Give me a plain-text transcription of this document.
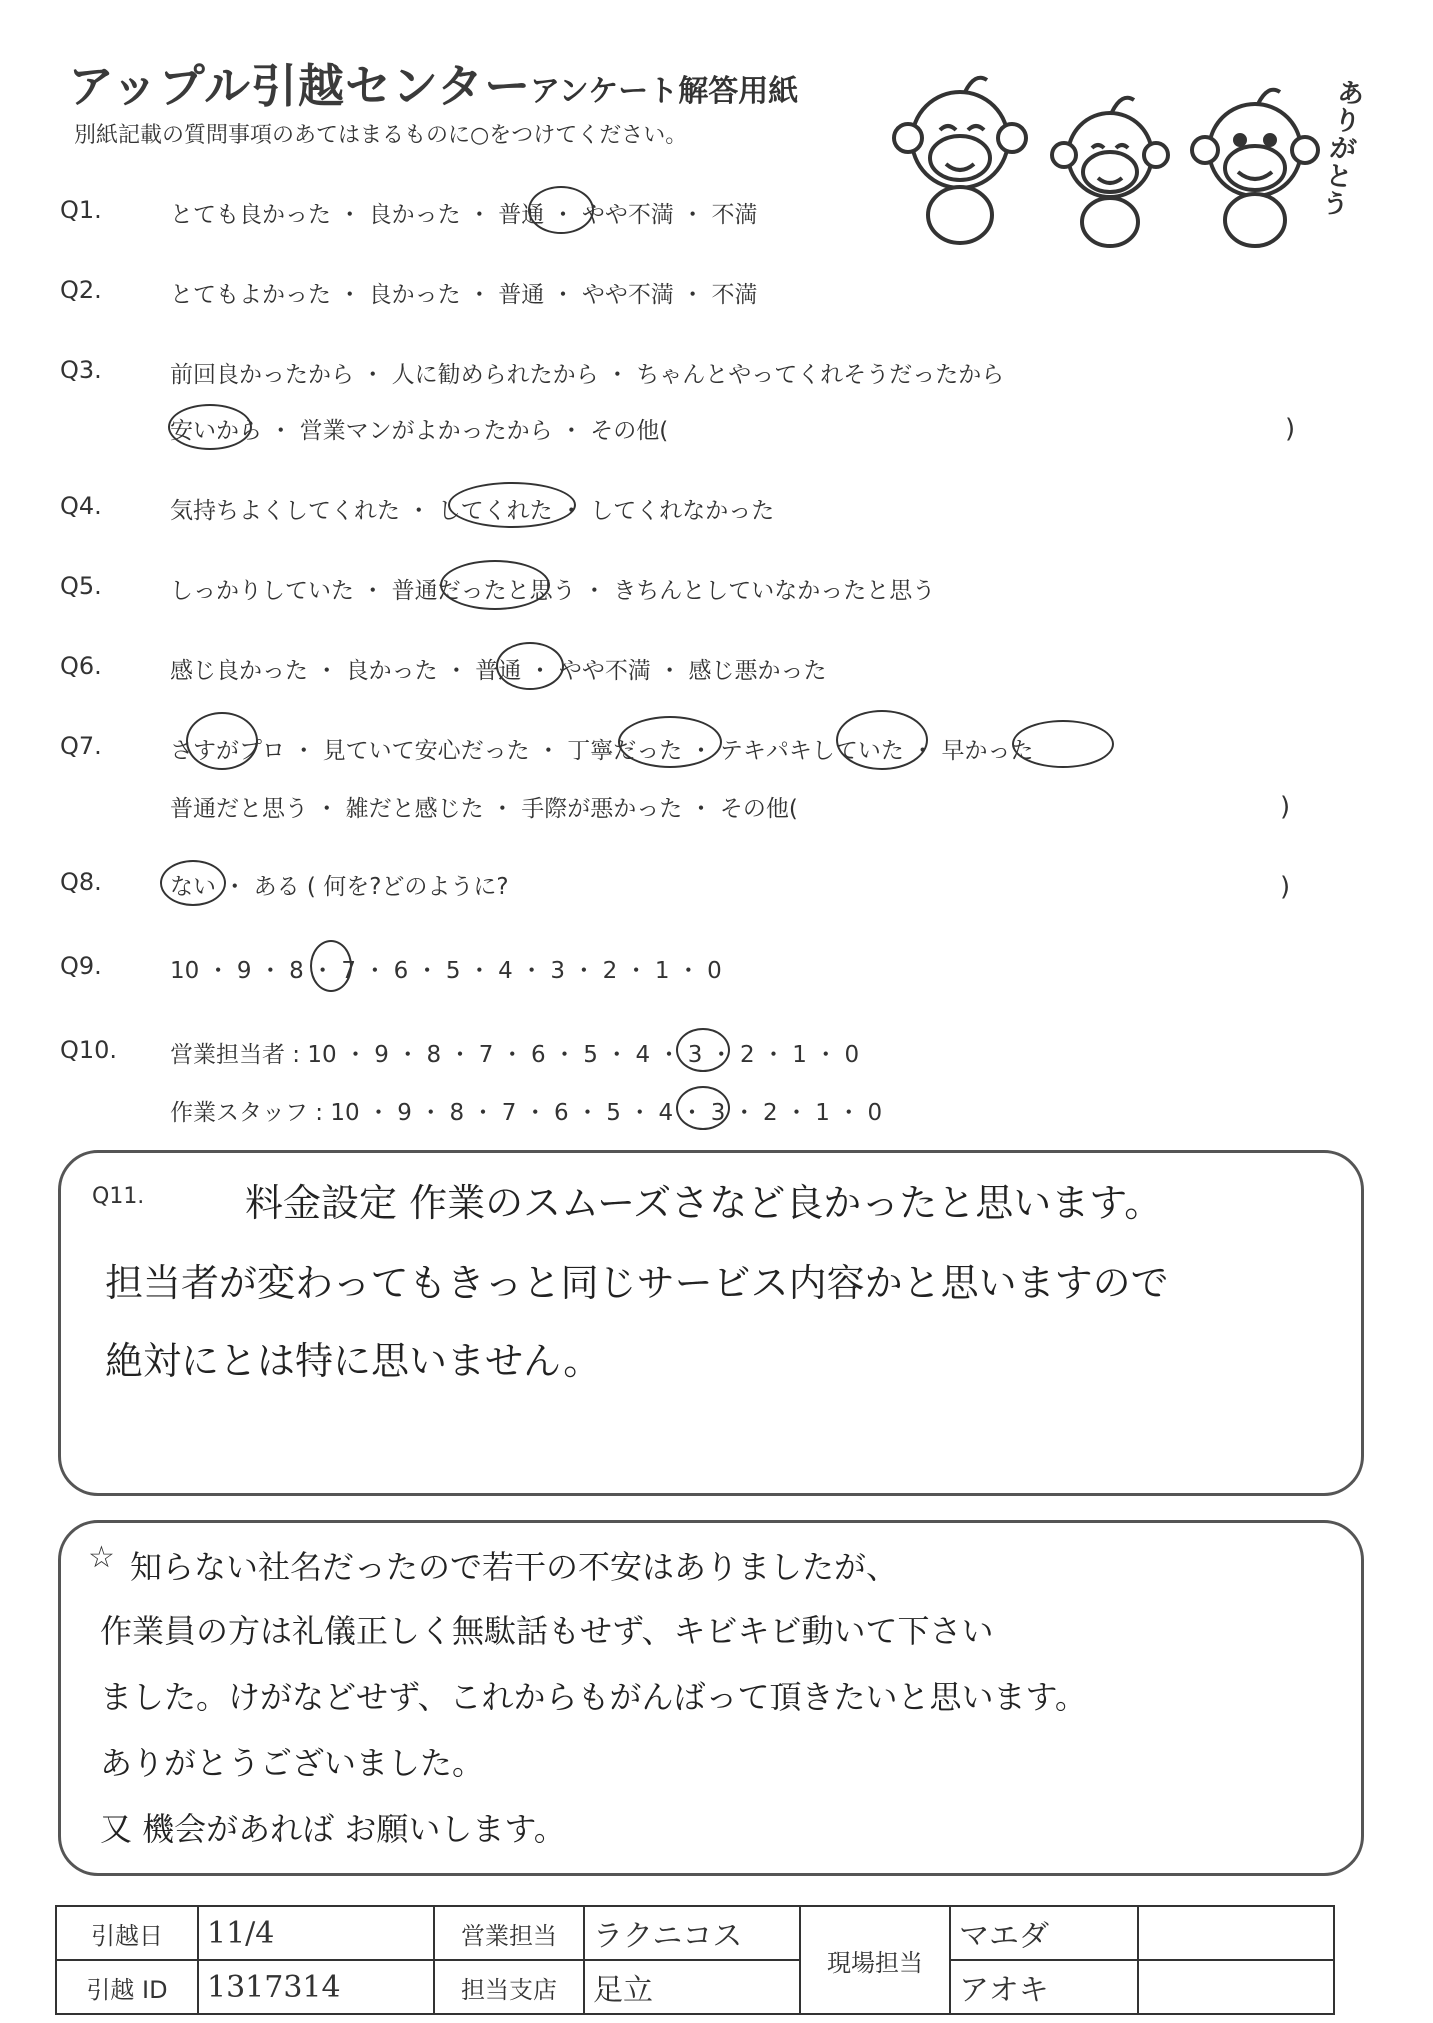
アップル引越センター
アンケート解答用紙
別紙記載の質問事項のあてはまるものに○をつけてください。
ありがとう
Q1.	とても良かった ・ 良かった ・ 普通 ・ やや不満 ・ 不満
Q2.	とてもよかった ・ 良かった ・ 普通 ・ やや不満 ・ 不満
Q3.	前回良かったから ・ 人に勧められたから ・ ちゃんとやってくれそうだったから
安いから ・ 営業マンがよかったから ・ その他(	)
Q4.	気持ちよくしてくれた ・ してくれた ・ してくれなかった
Q5.	しっかりしていた ・ 普通だったと思う ・ きちんとしていなかったと思う
Q6.	感じ良かった ・ 良かった ・ 普通 ・ やや不満 ・ 感じ悪かった
Q7.	さすがプロ ・ 見ていて安心だった ・ 丁寧だった ・ テキパキしていた ・ 早かった
普通だと思う ・ 雑だと感じた ・ 手際が悪かった ・ その他(	)
Q8.	ない ・ ある ( 何を?どのように?	)
Q9.	10 ・ 9 ・ 8 ・ 7 ・ 6 ・ 5 ・ 4 ・ 3 ・ 2 ・ 1 ・ 0
Q10. 営業担当者 : 10 ・ 9 ・ 8 ・ 7 ・ 6 ・ 5 ・ 4 ・ 3 ・ 2 ・ 1 ・ 0
作業スタッフ : 10 ・ 9 ・ 8 ・ 7 ・ 6 ・ 5 ・ 4 ・ 3 ・ 2 ・ 1 ・ 0
Q11.	料金設定 作業のスムーズさなど良かったと思います。
担当者が変わってもきっと同じサービス内容かと思いますので
絶対にとは特に思いません。
☆ 知らない社名だったので若干の不安はありましたが、
作業員の方は礼儀正しく無駄話もせず、キビキビ動いて下さい
ました。けがなどせず、これからもがんばって頂きたいと思います。
ありがとうございました。
又 機会があれば お願いします。
引越日	11/4	営業担当	ラクニコス	現場担当	マエダ	
引越 ID	1317314	担当支店	足立		アオキ	
